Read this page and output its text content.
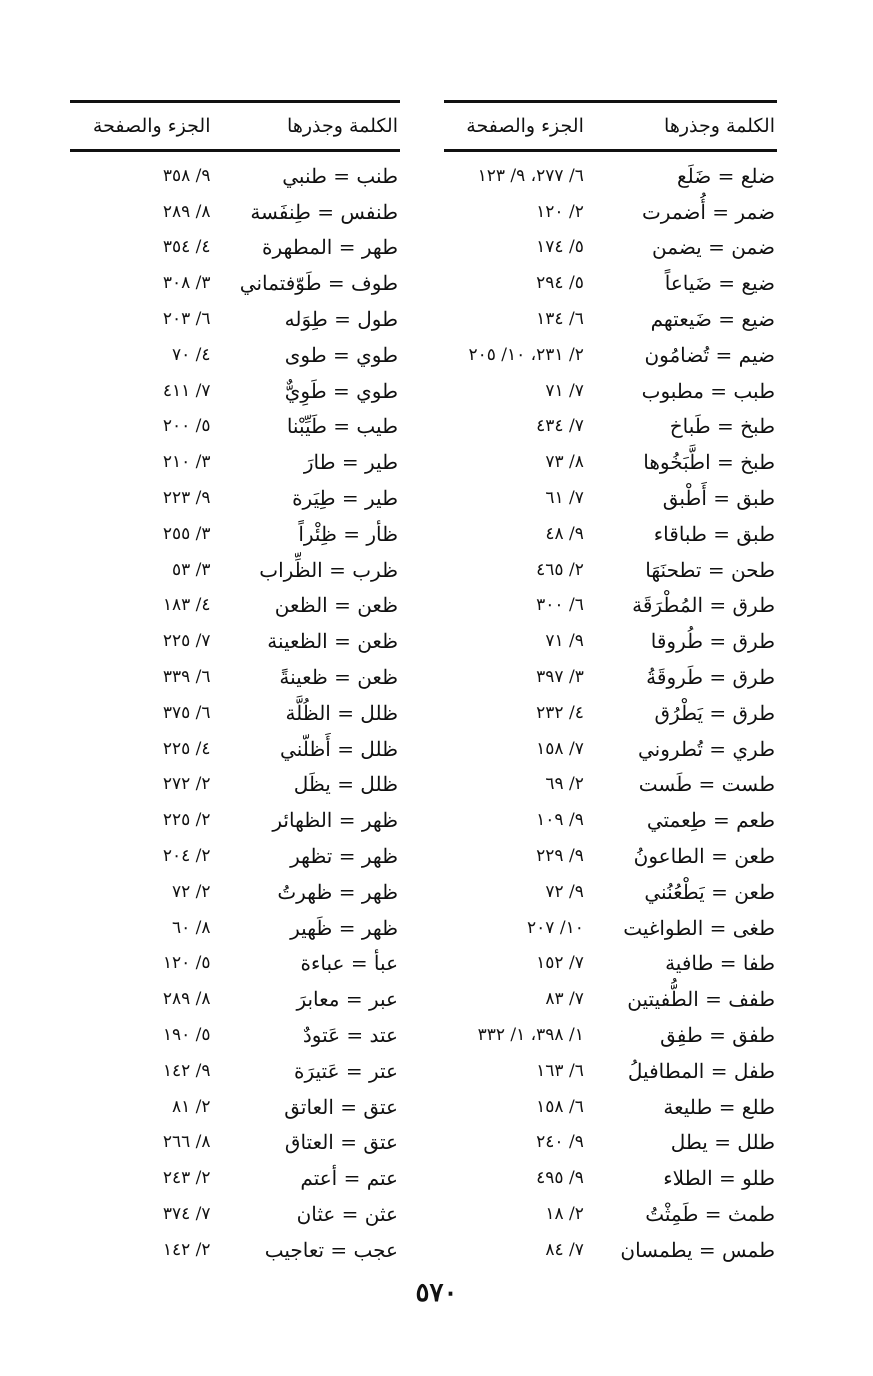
الكلمة وجذرها
الجزء والصفحة
ضلع = ضَلَع
٦/ ٢٧٧، ٩/ ١٢٣
ضمر = أُضمرت
٢/ ١٢٠
ضمن = يضمن
٥/ ١٧٤
ضيع = ضَياعاً
٥/ ٢٩٤
ضيع = ضَيعتهم
٦/ ١٣٤
ضيم = تُضامُون
٢/ ٢٣١، ١٠/ ٢٠٥
طبب = مطبوب
٧/ ٧١
طبخ = طَباخ
٧/ ٤٣٤
طبخ = اطَّبَخُوها
٨/ ٧٣
طبق = أَطْبق
٧/ ٦١
طبق = طباقاء
٩/ ٤٨
طحن = تطحنَهَا
٢/ ٤٦٥
طرق = المُطْرَقَة
٦/ ٣٠٠
طرق = طُروقا
٩/ ٧١
طرق = طَروقَةُ
٣/ ٣٩٧
طرق = يَطْرُق
٤/ ٢٣٢
طري = تُطروني
٧/ ١٥٨
طست = طَست
٢/ ٦٩
طعم = طِعمتي
٩/ ١٠٩
طعن = الطاعونُ
٩/ ٢٢٩
طعن = يَطْعُنُني
٩/ ٧٢
طغى = الطواغيت
١٠/ ٢٠٧
طفا = طافية
٧/ ١٥٢
طفف = الطُّفيتين
٧/ ٨٣
طفق = طفِق
١/ ٣٩٨، ١/ ٣٣٢
طفل = المطافيلُ
٦/ ١٦٣
طلع = طليعة
٦/ ١٥٨
طلل = يطل
٩/ ٢٤٠
طلو = الطلاء
٩/ ٤٩٥
طمث = طَمِثْتُ
٢/ ١٨
طمس = يطمسان
٧/ ٨٤
الكلمة وجذرها
الجزء والصفحة
طنب = طنبي
٩/ ٣٥٨
طنفس = طِنفَسة
٨/ ٢٨٩
طهر = المطهرة
٤/ ٣٥٤
طوف = طَوّفتماني
٣/ ٣٠٨
طول = طِوَله
٦/ ٢٠٣
طوي = طوى
٤/ ٧٠
طوي = طَوِيٌّ
٧/ ٤١١
طيب = طَيِّبْنا
٥/ ٢٠٠
طير = طارَ
٣/ ٢١٠
طير = طِيَرة
٩/ ٢٢٣
ظأر = ظِئْراً
٣/ ٢٥٥
ظرب = الظِّراب
٣/ ٥٣
ظعن = الظعن
٤/ ١٨٣
ظعن = الظعينة
٧/ ٢٢٥
ظعن = ظعينةً
٦/ ٣٣٩
ظلل = الظُلَّة
٦/ ٣٧٥
ظلل = أَظلّني
٤/ ٢٢٥
ظلل = يظَل
٢/ ٢٧٢
ظهر = الظهائر
٢/ ٢٢٥
ظهر = تظهر
٢/ ٢٠٤
ظهر = ظهرتُ
٢/ ٧٢
ظهر = ظَهير
٨/ ٦٠
عبأ = عباءة
٥/ ١٢٠
عبر = معابرَ
٨/ ٢٨٩
عتد = عَتودٌ
٥/ ١٩٠
عتر = عَتيرَة
٩/ ١٤٢
عتق = العاتق
٢/ ٨١
عتق = العتاق
٨/ ٢٦٦
عتم = أعتم
٢/ ٢٤٣
عثن = عثان
٧/ ٣٧٤
عجب = تعاجيب
٢/ ١٤٢
٥٧٠
